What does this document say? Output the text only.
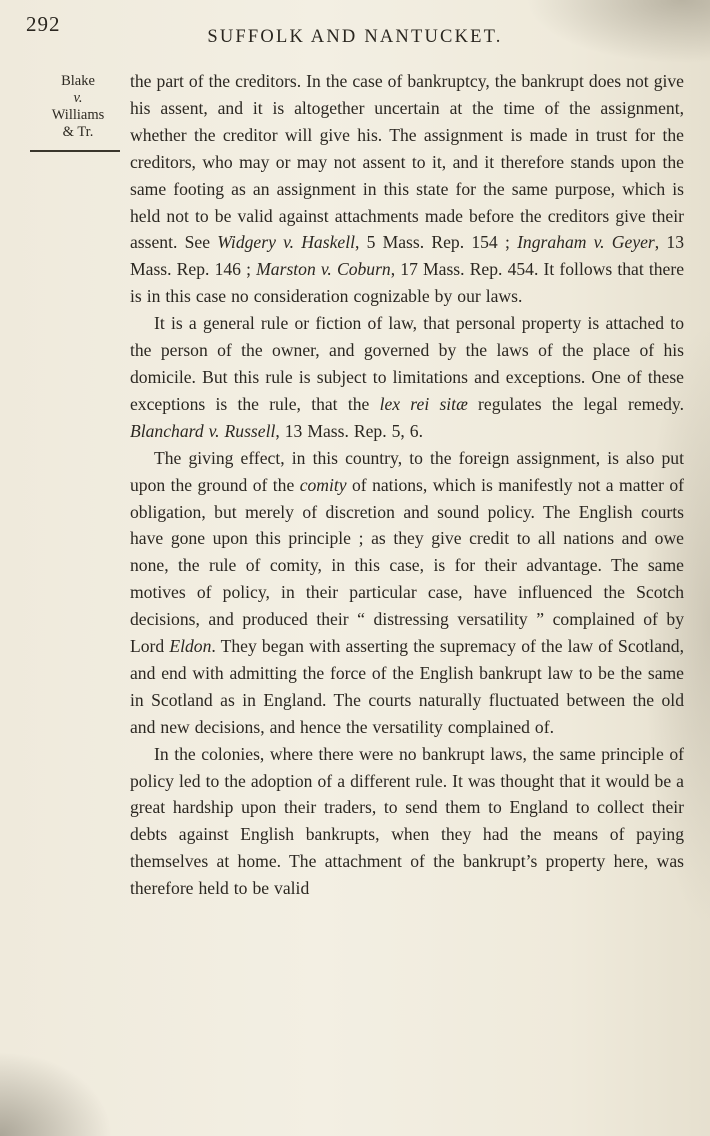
292
SUFFOLK AND NANTUCKET.
Blake
v.
Williams
& Tr.

the part of the creditors. In the case of bankruptcy, the bankrupt does not give his assent, and it is altogether uncertain at the time of the assignment, whether the creditor will give his. The assignment is made in trust for the creditors, who may or may not assent to it, and it therefore stands upon the same footing as an assignment in this state for the same purpose, which is held not to be valid against attachments made before the creditors give their assent. See Widgery v. Haskell, 5 Mass. Rep. 154 ; Ingraham v. Geyer, 13 Mass. Rep. 146 ; Marston v. Coburn, 17 Mass. Rep. 454. It follows that there is in this case no consideration cognizable by our laws.

It is a general rule or fiction of law, that personal property is attached to the person of the owner, and governed by the laws of the place of his domicile. But this rule is subject to limitations and exceptions. One of these exceptions is the rule, that the lex rei sitæ regulates the legal remedy. Blanchard v. Russell, 13 Mass. Rep. 5, 6.

The giving effect, in this country, to the foreign assignment, is also put upon the ground of the comity of nations, which is manifestly not a matter of obligation, but merely of discretion and sound policy. The English courts have gone upon this principle ; as they give credit to all nations and owe none, the rule of comity, in this case, is for their advantage. The same motives of policy, in their particular case, have influenced the Scotch decisions, and produced their “ distressing versatility ” complained of by Lord Eldon. They began with asserting the supremacy of the law of Scotland, and end with admitting the force of the English bankrupt law to be the same in Scotland as in England. The courts naturally fluctuated between the old and new decisions, and hence the versatility complained of.

In the colonies, where there were no bankrupt laws, the same principle of policy led to the adoption of a different rule. It was thought that it would be a great hardship upon their traders, to send them to England to collect their debts against English bankrupts, when they had the means of paying themselves at home. The attachment of the bankrupt’s property here, was therefore held to be valid
